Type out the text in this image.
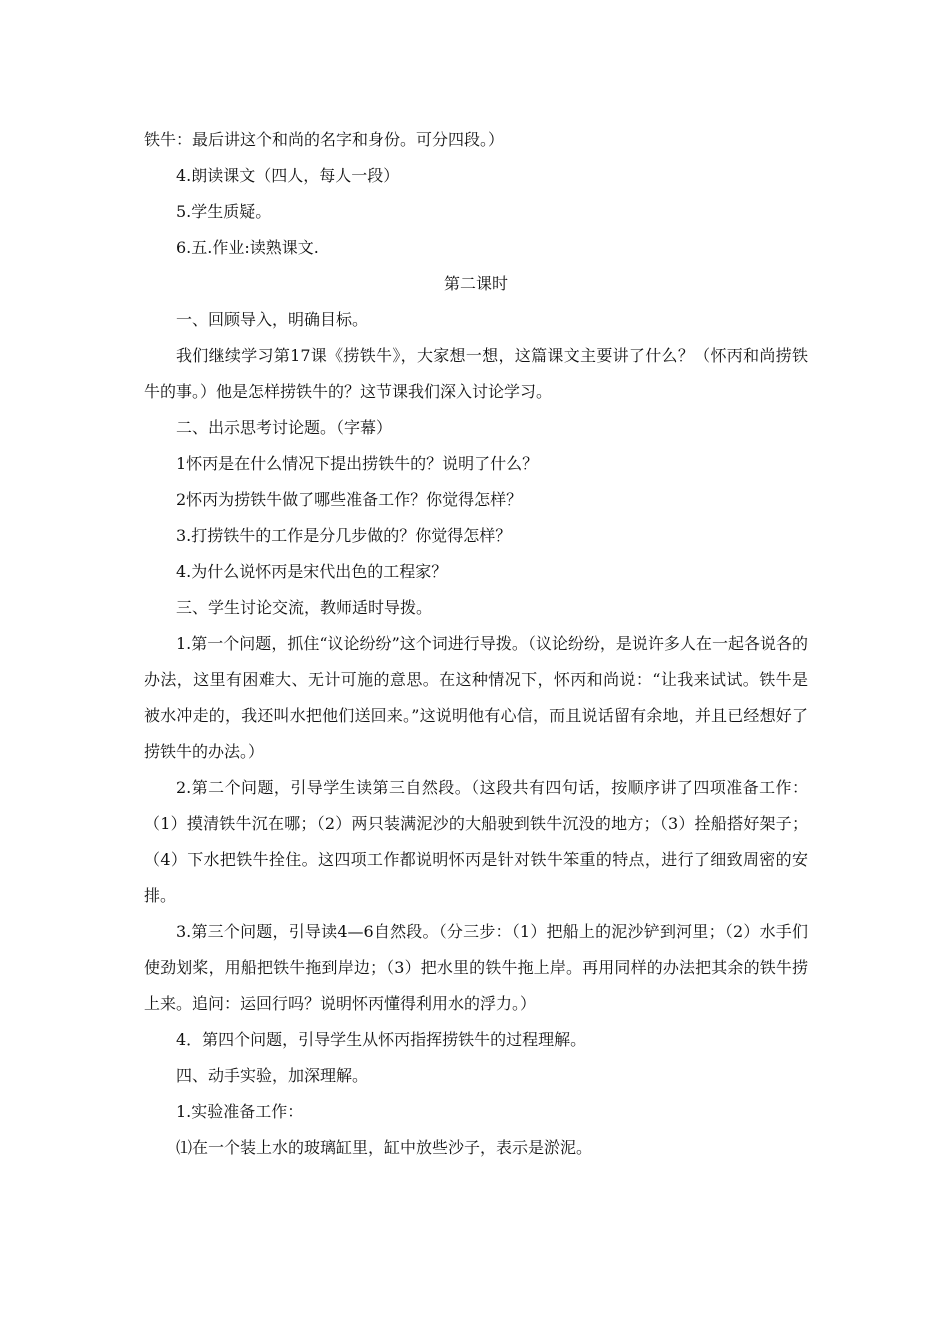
铁牛：最后讲这个和尚的名字和身份。可分四段。）

4.朗读课文（四人，每人一段）

5.学生质疑。

6.五.作业:读熟课文.

第二课时

一、回顾导入，明确目标。

我们继续学习第17课《捞铁牛》，大家想一想，这篇课文主要讲了什么？（怀丙和尚捞铁牛的事。）他是怎样捞铁牛的？这节课我们深入讨论学习。

二、出示思考讨论题。（字幕）

1怀丙是在什么情况下提出捞铁牛的？说明了什么？

2怀丙为捞铁牛做了哪些准备工作？你觉得怎样？

3.打捞铁牛的工作是分几步做的？你觉得怎样？

4.为什么说怀丙是宋代出色的工程家？

三、学生讨论交流，教师适时导拨。

1.第一个问题，抓住“议论纷纷”这个词进行导拨。（议论纷纷，是说许多人在一起各说各的办法，这里有困难大、无计可施的意思。在这种情况下，怀丙和尚说：“让我来试试。铁牛是被水冲走的，我还叫水把他们送回来。”这说明他有心信，而且说话留有余地，并且已经想好了捞铁牛的办法。）

2.第二个问题，引导学生读第三自然段。（这段共有四句话，按顺序讲了四项准备工作：（1）摸清铁牛沉在哪；（2）两只装满泥沙的大船驶到铁牛沉没的地方；（3）拴船搭好架子；（4）下水把铁牛拴住。这四项工作都说明怀丙是针对铁牛笨重的特点，进行了细致周密的安排。

3.第三个问题，引导读4—6自然段。（分三步：（1）把船上的泥沙铲到河里；（2）水手们使劲划桨，用船把铁牛拖到岸边；（3）把水里的铁牛拖上岸。再用同样的办法把其余的铁牛捞上来。追问：运回行吗？说明怀丙懂得利用水的浮力。）

4．第四个问题，引导学生从怀丙指挥捞铁牛的过程理解。

四、动手实验，加深理解。

1.实验准备工作：

⑴在一个装上水的玻璃缸里，缸中放些沙子，表示是淤泥。
